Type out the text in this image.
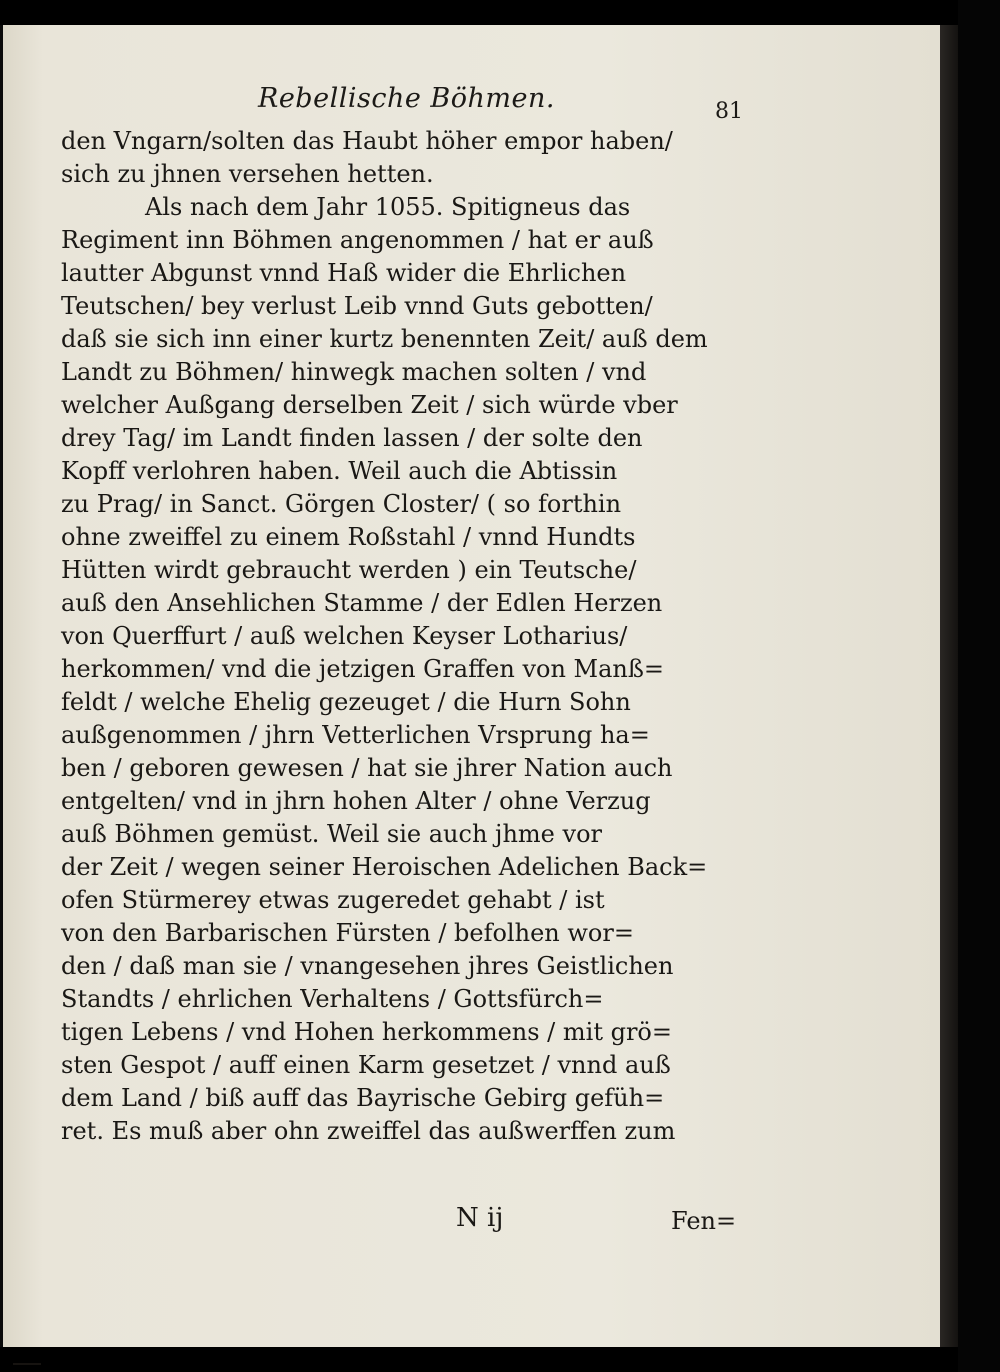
Rebellische Böhmen.	81
den Vngarn/solten das Haubt höher empor haben/
sich zu jhnen versehen hetten.
Als nach dem Jahr 1055. Spitigneus das
Regiment inn Böhmen angenommen / hat er auß
lautter Abgunst vnnd Haß wider die Ehrlichen
Teutschen/ bey verlust Leib vnnd Guts gebotten/
daß sie sich inn einer kurtz benennten Zeit/ auß dem
Landt zu Böhmen/ hinwegk machen solten / vnd
welcher Außgang derselben Zeit / sich würde vber
drey Tag/ im Landt finden lassen / der solte den
Kopff verlohren haben. Weil auch die Abtissin
zu Prag/ in Sanct. Görgen Closter/ ( so forthin
ohne zweiffel zu einem Roßstahl / vnnd Hundts
Hütten wirdt gebraucht werden ) ein Teutsche/
auß den Ansehlichen Stamme / der Edlen Herzen
von Querffurt / auß welchen Keyser Lotharius/
herkommen/ vnd die jetzigen Graffen von Manß=
feldt / welche Ehelig gezeuget / die Hurn Sohn
außgenommen / jhrn Vetterlichen Vrsprung ha=
ben / geboren gewesen / hat sie jhrer Nation auch
entgelten/ vnd in jhrn hohen Alter / ohne Verzug
auß Böhmen gemüst. Weil sie auch jhme vor
der Zeit / wegen seiner Heroischen Adelichen Back=
ofen Stürmerey etwas zugeredet gehabt / ist
von den Barbarischen Fürsten / befolhen wor=
den / daß man sie / vnangesehen jhres Geistlichen
Standts / ehrlichen Verhaltens / Gottsfürch=
tigen Lebens / vnd Hohen herkommens / mit grö=
sten Gespot / auff einen Karm gesetzet / vnnd auß
dem Land / biß auff das Bayrische Gebirg gefüh=
ret. Es muß aber ohn zweiffel das außwerffen zum
N ij	Fen=
